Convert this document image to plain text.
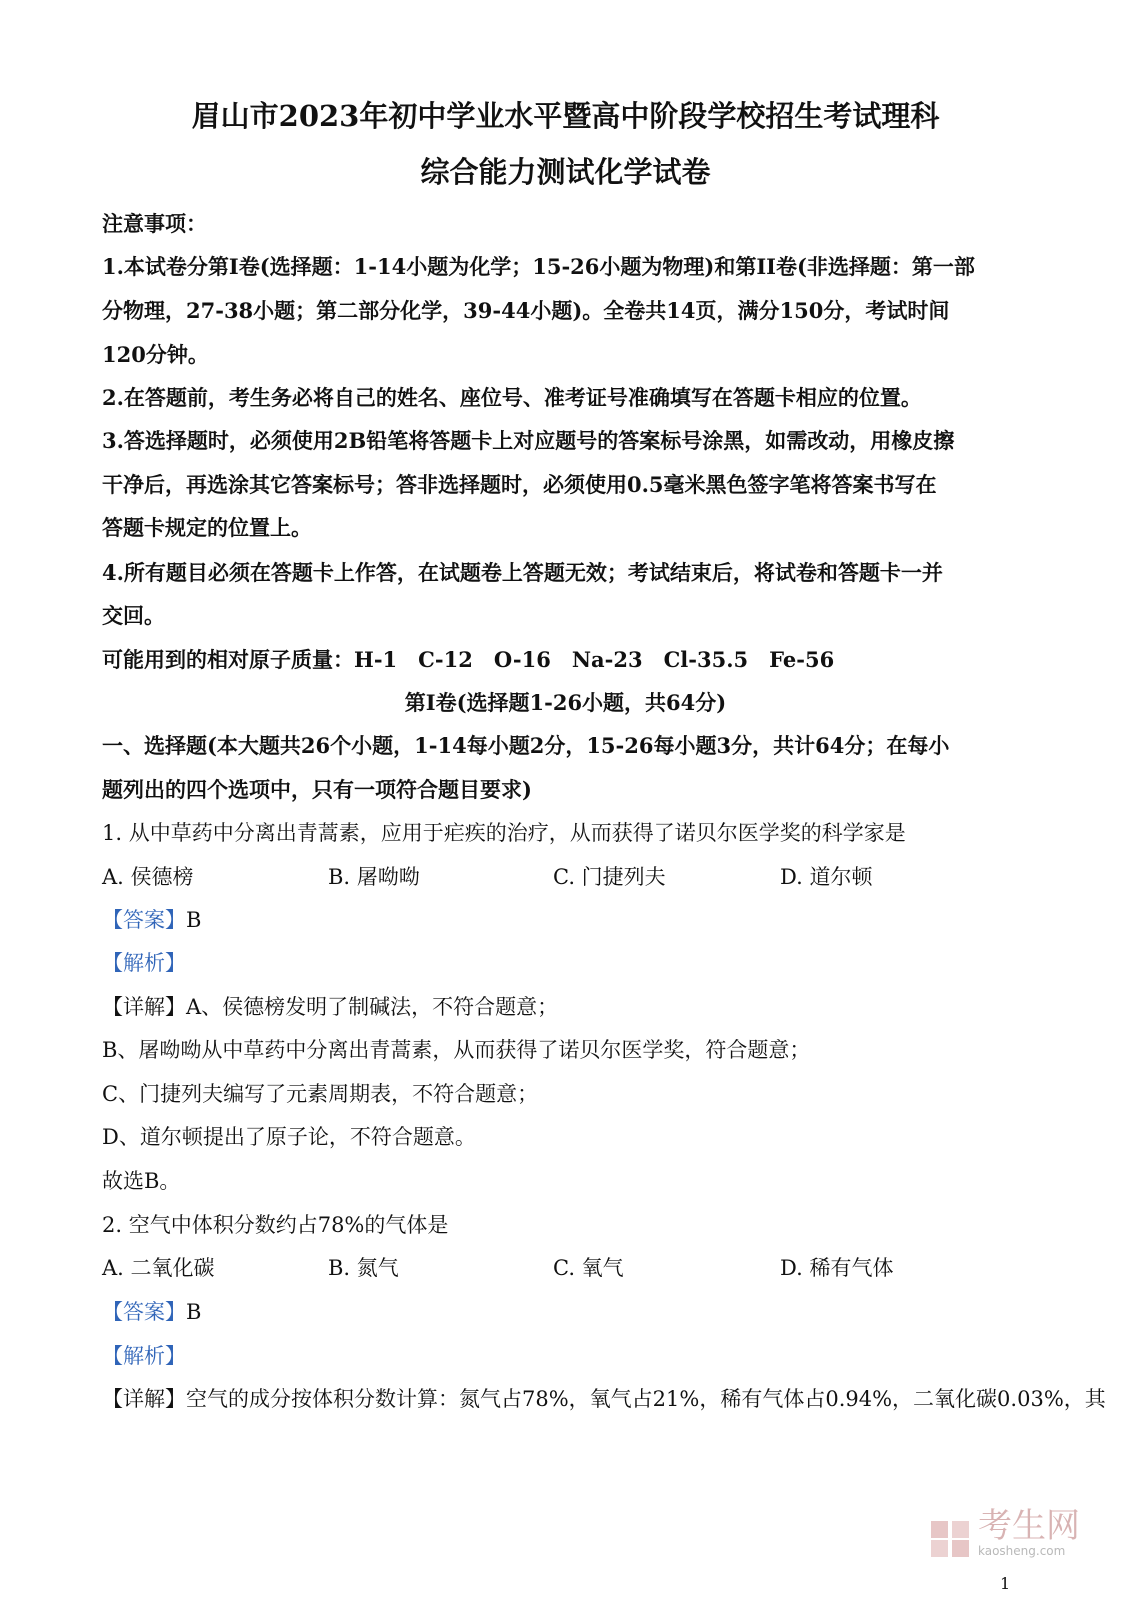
眉山市2023年初中学业水平暨高中阶段学校招生考试理科
综合能力测试化学试卷
注意事项：
1.本试卷分第I卷(选择题：1-14小题为化学；15-26小题为物理)和第II卷(非选择题：第一部
分物理，27-38小题；第二部分化学，39-44小题)。全卷共14页，满分150分，考试时间
120分钟。
2.在答题前，考生务必将自己的姓名、座位号、准考证号准确填写在答题卡相应的位置。
3.答选择题时，必须使用2B铅笔将答题卡上对应题号的答案标号涂黑，如需改动，用橡皮擦
干净后，再选涂其它答案标号；答非选择题时，必须使用0.5毫米黑色签字笔将答案书写在
答题卡规定的位置上。
4.所有题目必须在答题卡上作答，在试题卷上答题无效；考试结束后，将试卷和答题卡一并
交回。
可能用到的相对原子质量：H-1　C-12　O-16　Na-23　Cl-35.5　Fe-56
第I卷(选择题1-26小题，共64分)
一、选择题(本大题共26个小题，1-14每小题2分，15-26每小题3分，共计64分；在每小
题列出的四个选项中，只有一项符合题目要求)
1. 从中草药中分离出青蒿素，应用于疟疾的治疗，从而获得了诺贝尔医学奖的科学家是
A. 侯德榜	B. 屠呦呦	C. 门捷列夫	D. 道尔顿
【答案】B
【解析】
【详解】A、侯德榜发明了制碱法，不符合题意；
B、屠呦呦从中草药中分离出青蒿素，从而获得了诺贝尔医学奖，符合题意；
C、门捷列夫编写了元素周期表，不符合题意；
D、道尔顿提出了原子论，不符合题意。
故选B。
2. 空气中体积分数约占78%的气体是
A. 二氧化碳	B. 氮气	C. 氧气	D. 稀有气体
【答案】B
【解析】
【详解】空气的成分按体积分数计算：氮气占78%，氧气占21%，稀有气体占0.94%，二氧化碳0.03%，其
考生网
kaosheng.com
1
